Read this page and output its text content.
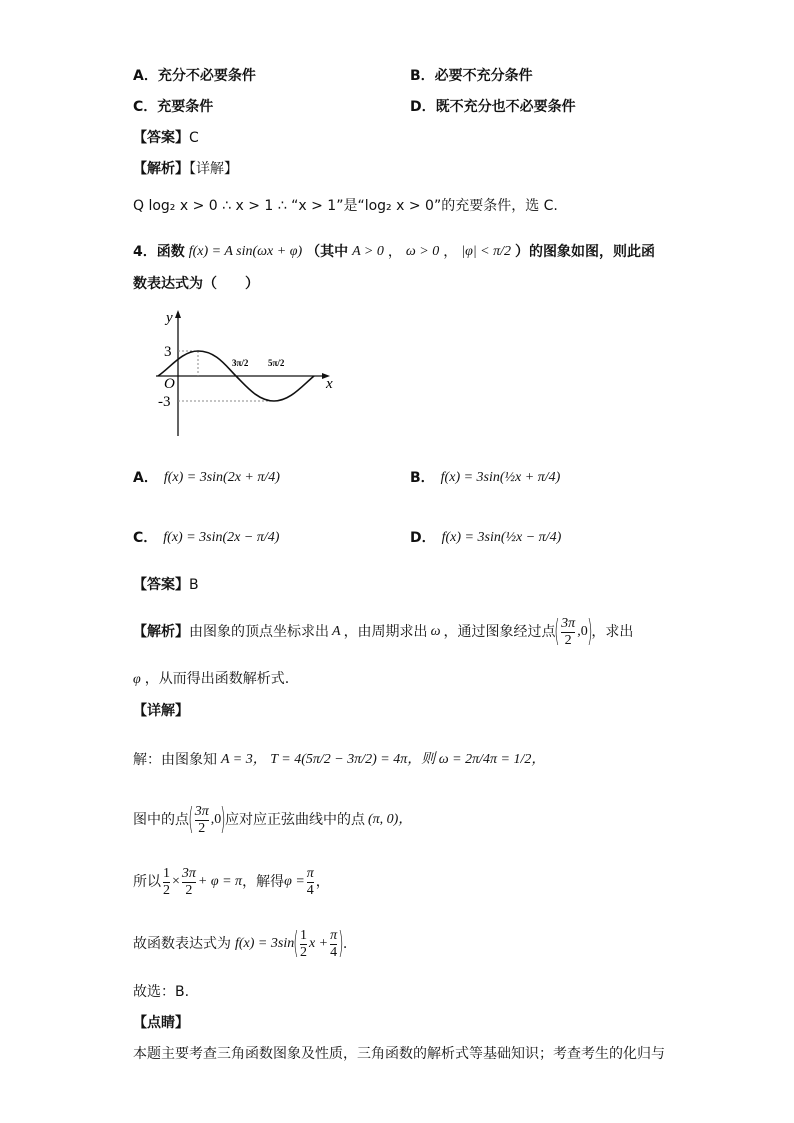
A．充分不必要条件	B．必要不充分条件
C．充要条件	D．既不充分也不必要条件
【答案】C
【解析】【详解】
Q log₂ x > 0 ∴ x > 1 ∴ “x > 1”是“log₂ x > 0”的充要条件，选 C.
4． 函数 f(x) = A sin(ωx + φ) （其中 A > 0 ， ω > 0 ， |φ| < π/2 ）的图象如图，则此函
数表达式为（　　）
y
x
O
3
-3
3π/2 5π/2
A． f(x) = 3sin(2x + π/4)	B． f(x) = 3sin(½x + π/4)
C． f(x) = 3sin(2x − π/4)	D． f(x) = 3sin(½x − π/4)
【答案】B
【解析】 由图象的顶点坐标求出 A ，由周期求出 ω ，通过图象经过点 ( $\frac{3\pi}{2} ,0$ ) ，求出
φ ，从而得出函数解析式.
【详解】
解：由图象知 A = 3， T = 4(5π/2 − 3π/2) = 4π，则 ω = 2π/4π = 1/2，
图中的点 ( $\frac{3\pi}{2} ,0$ ) 应对应正弦曲线中的点 (π, 0)，
所以 $\frac{1}{2} \times \frac{3\pi}{2} + \varphi = \pi$ ，解得 $\varphi = \frac{\pi}{4}$ ，
故函数表达式为 f(x) = 3sin ( $\frac{1}{2}$ $x + \frac{\pi}{4}$ ) .
故选：B.
【点睛】
本题主要考查三角函数图象及性质，三角函数的解析式等基础知识；考查考生的化归与
